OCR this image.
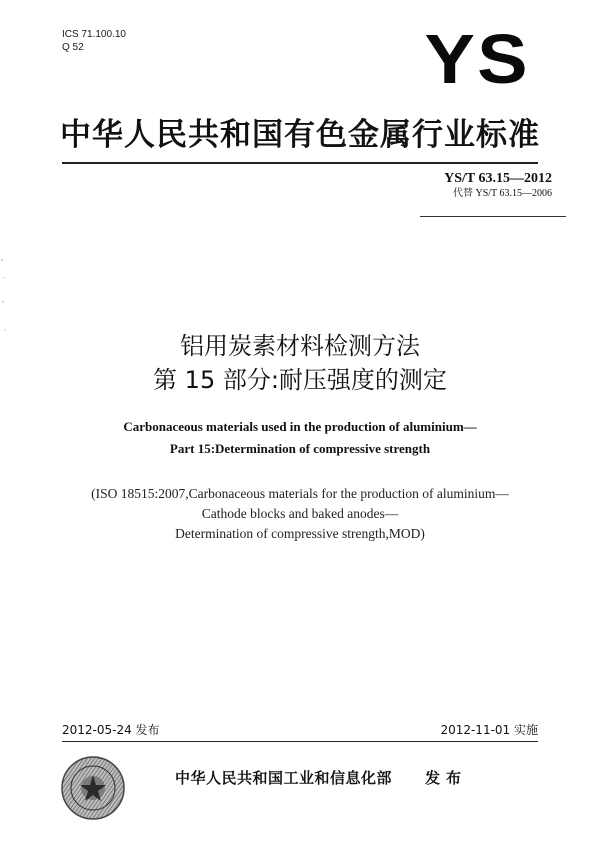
ICS 71.100.10
Q 52	YS
中华人民共和国有色金属行业标准
YS/T 63.15—2012
代替 YS/T 63.15—2006
铝用炭素材料检测方法
第 15 部分:耐压强度的测定
Carbonaceous materials used in the production of aluminium—
Part 15:Determination of compressive strength
(ISO 18515:2007,Carbonaceous materials for the production of aluminium—
Cathode blocks and baked anodes—
Determination of compressive strength,MOD)
2012-05-24 发布	2012-11-01 实施
中华人民共和国工业和信息化部 发布
